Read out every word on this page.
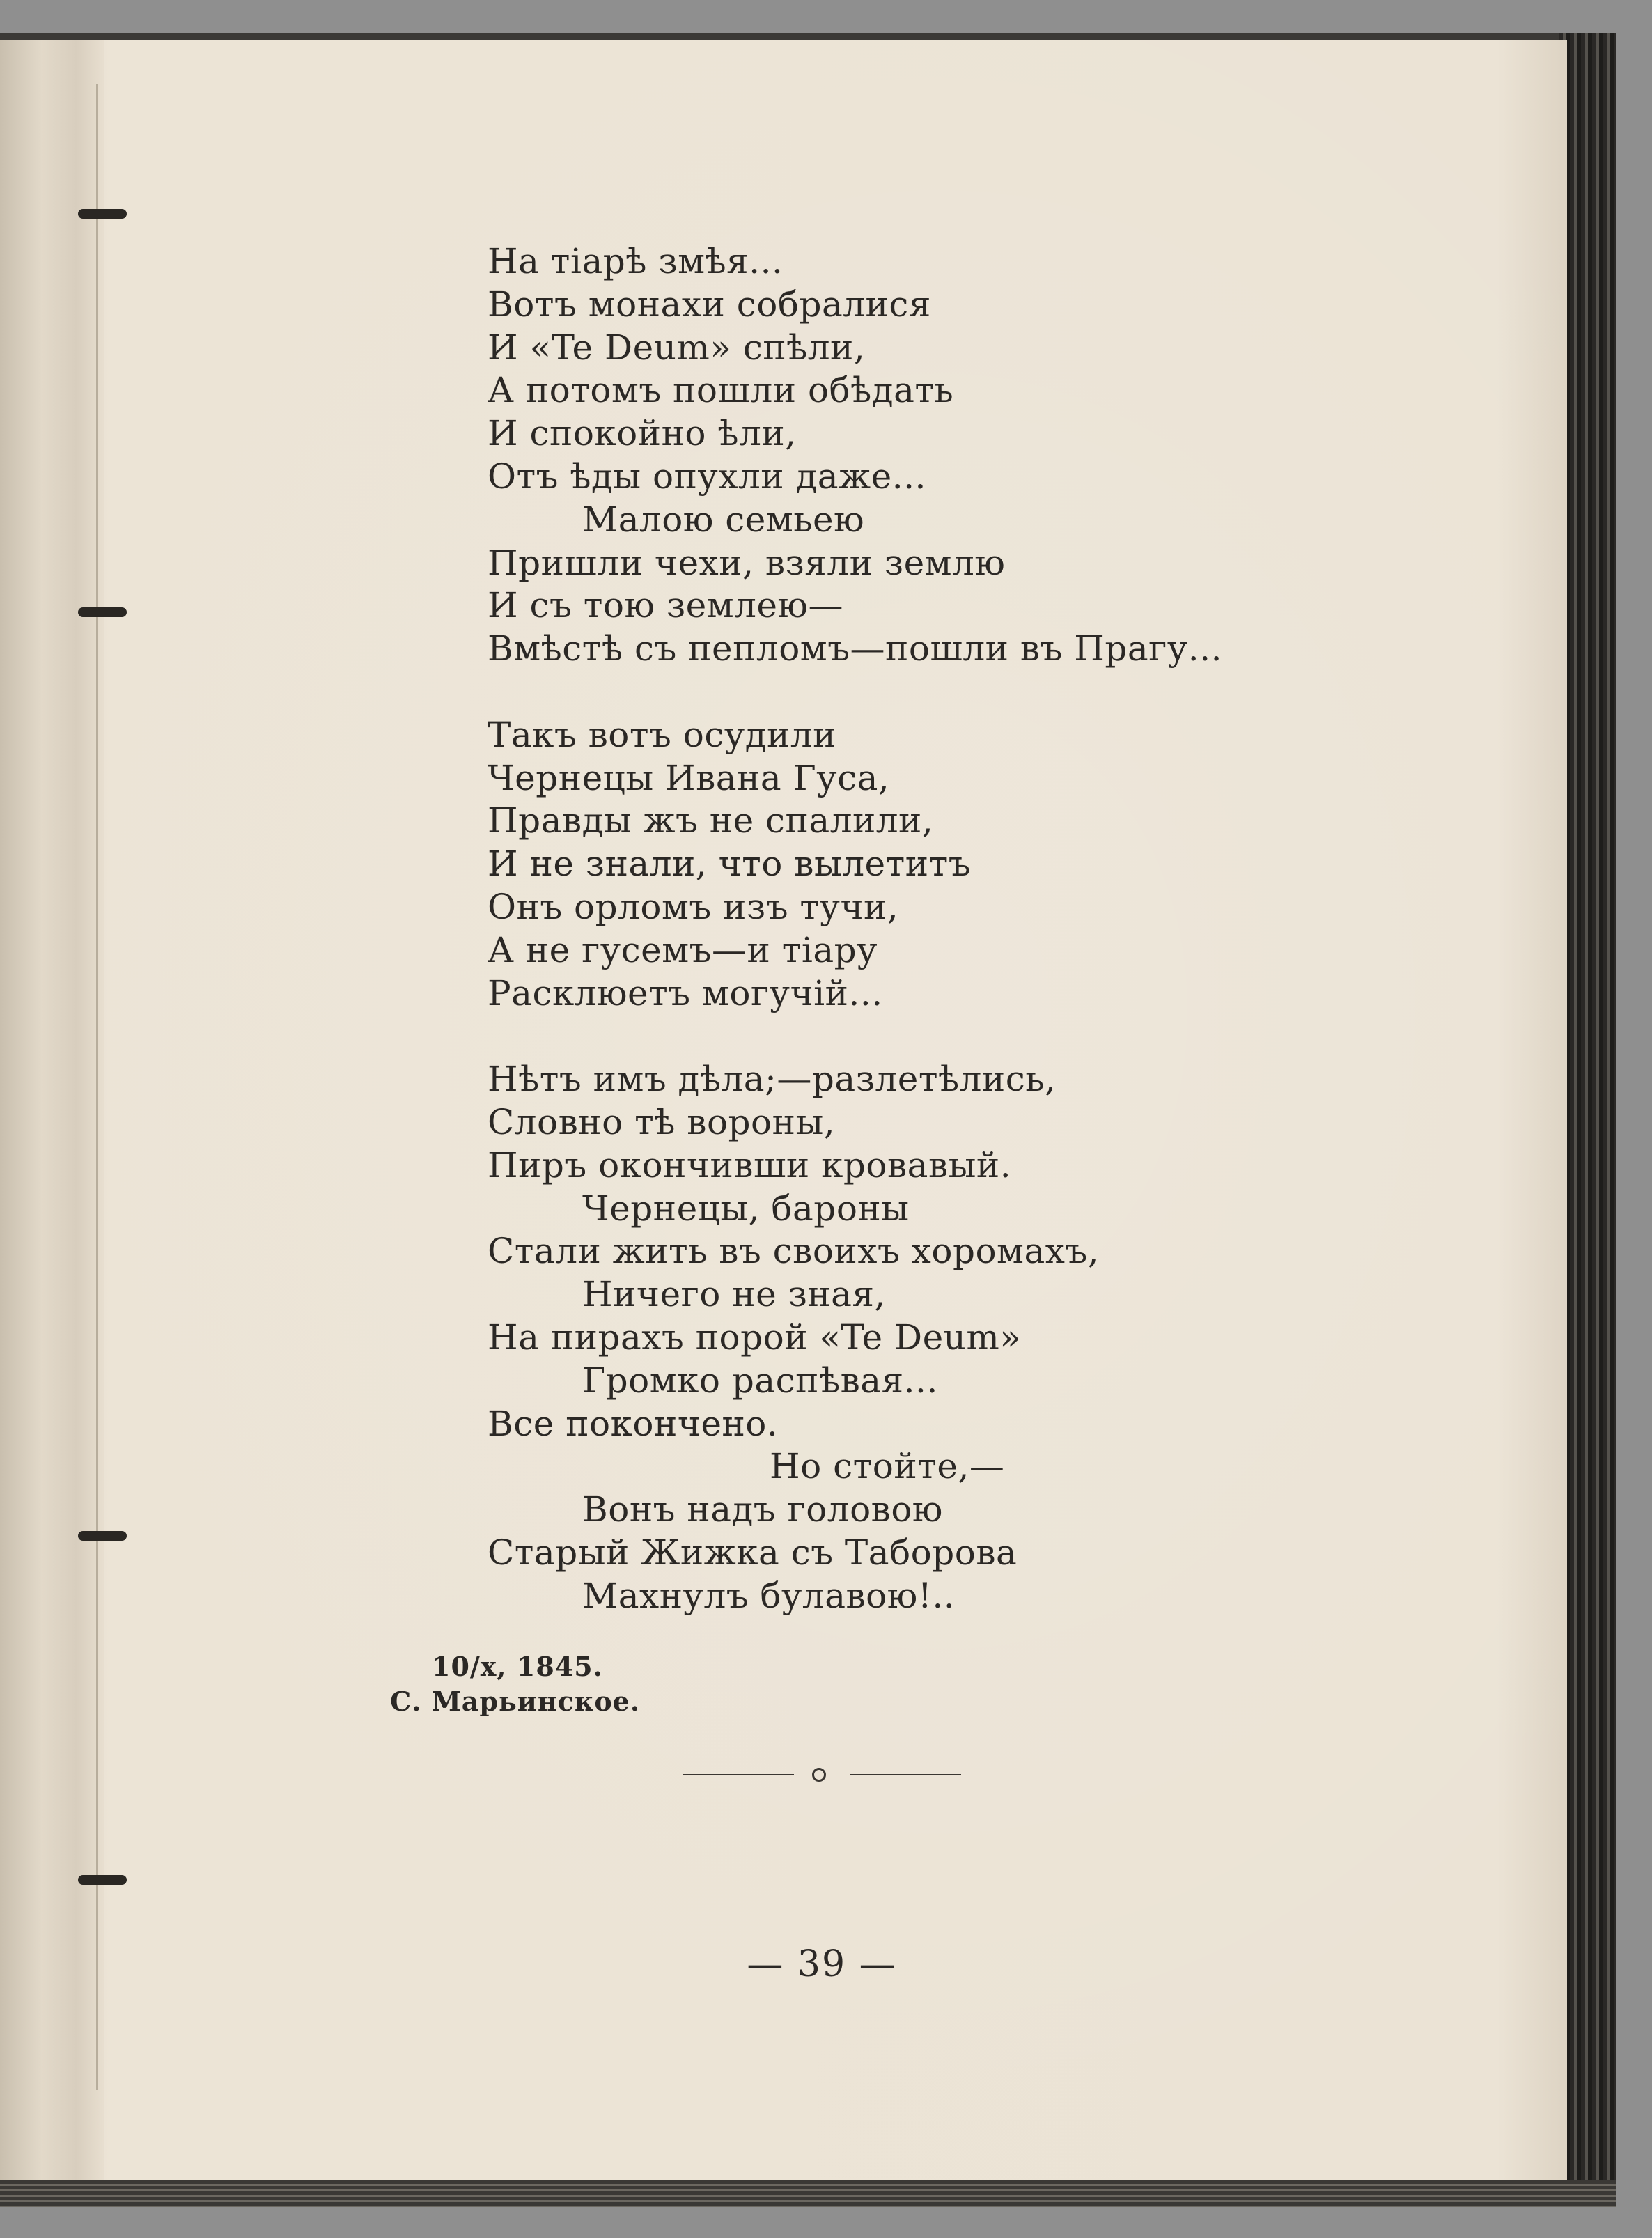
На тіарѣ змѣя...
Вотъ монахи собралися
И «Te Deum» спѣли,
А потомъ пошли обѣдать
И спокойно ѣли,
Отъ ѣды опухли даже...
Малою семьею
Пришли чехи, взяли землю
И съ тою землею—
Вмѣстѣ съ пепломъ—пошли въ Прагу...
Такъ вотъ осудили
Чернецы Ивана Гуса,
Правды жъ не спалили,
И не знали, что вылетитъ
Онъ орломъ изъ тучи,
А не гусемъ—и тіару
Расклюетъ могучій...
Нѣтъ имъ дѣла;—разлетѣлись,
Словно тѣ вороны,
Пиръ окончивши кровавый.
Чернецы, бароны
Стали жить въ своихъ хоромахъ,
Ничего не зная,
На пирахъ порой «Te Deum»
Громко распѣвая...
Все покончено.
Но стойте,—
Вонъ надъ головою
Старый Жижка съ Таборова
Махнулъ булавою!..
10/x, 1845.
С. Марьинское.
— 39 —
